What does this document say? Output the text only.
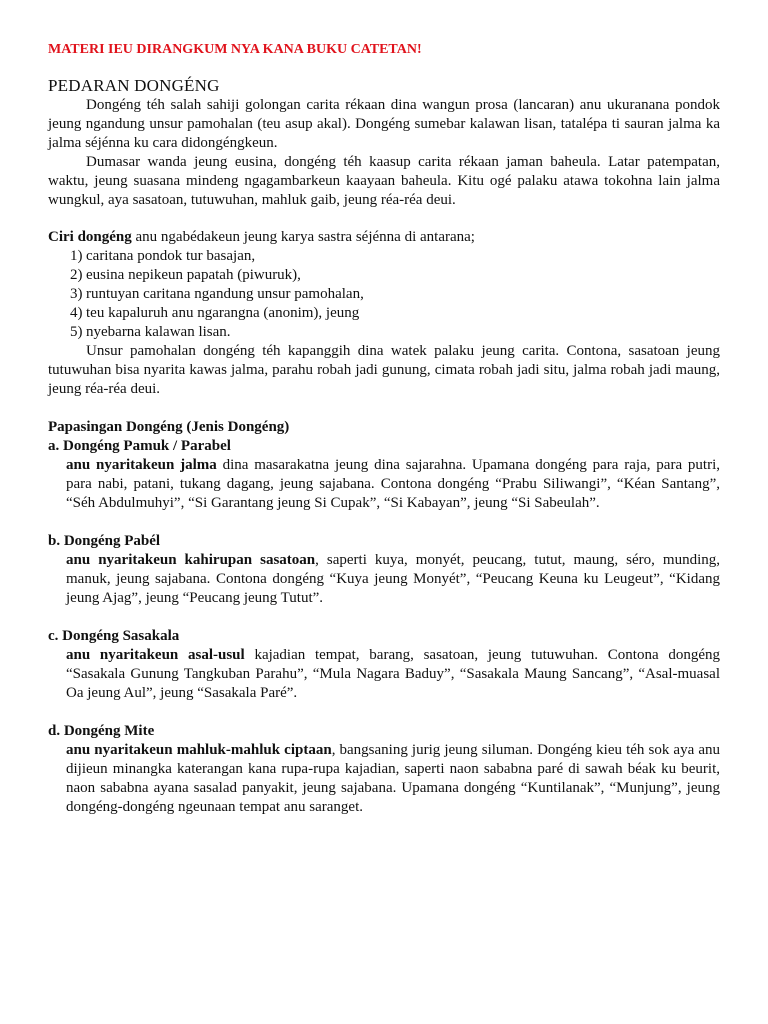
MATERI IEU DIRANGKUM NYA KANA BUKU CATETAN!

PEDARAN DONGÉNG

Dongéng téh salah sahiji golongan carita rékaan dina wangun prosa (lancaran) anu ukuranana pondok jeung ngandung unsur pamohalan (teu asup akal). Dongéng sumebar kalawan lisan, tatalépa ti sauran jalma ka jalma séjénna ku cara didongéngkeun.

Dumasar wanda jeung eusina, dongéng téh kaasup carita rékaan jaman baheula. Latar patempatan, waktu, jeung suasana mindeng ngagambarkeun kaayaan baheula. Kitu ogé palaku atawa tokohna lain jalma wungkul, aya sasatoan, tutuwuhan, mahluk gaib, jeung réa-réa deui.

Ciri dongéng anu ngabédakeun jeung karya sastra séjénna di antarana;

1) caritana pondok tur basajan,
2) eusina nepikeun papatah (piwuruk),
3) runtuyan caritana ngandung unsur pamohalan,
4) teu kapaluruh anu ngarangna (anonim), jeung
5) nyebarna kalawan lisan.

Unsur pamohalan dongéng téh kapanggih dina watek palaku jeung carita. Contona, sasatoan jeung tutuwuhan bisa nyarita kawas jalma, parahu robah jadi gunung, cimata robah jadi situ, jalma robah jadi maung, jeung réa-réa deui.

Papasingan Dongéng (Jenis Dongéng)

a. Dongéng Pamuk / Parabel

anu nyaritakeun jalma dina masarakatna jeung dina sajarahna. Upamana dongéng para raja, para putri, para nabi, patani, tukang dagang, jeung sajabana. Contona dongéng “Prabu Siliwangi”, “Kéan Santang”, “Séh Abdulmuhyi”, “Si Garantang jeung Si Cupak”, “Si Kabayan”, jeung “Si Sabeulah”.

b. Dongéng Pabél

anu nyaritakeun kahirupan sasatoan, saperti kuya, monyét, peucang, tutut, maung, séro, munding, manuk, jeung sajabana. Contona dongéng “Kuya jeung Monyét”, “Peucang Keuna ku Leugeut”, “Kidang jeung Ajag”, jeung “Peucang jeung Tutut”.

c. Dongéng Sasakala

anu nyaritakeun asal-usul kajadian tempat, barang, sasatoan, jeung tutuwuhan. Contona dongéng “Sasakala Gunung Tangkuban Parahu”, “Mula Nagara Baduy”, “Sasakala Maung Sancang”, “Asal-muasal Oa jeung Aul”, jeung “Sasakala Paré”.

d. Dongéng Mite

anu nyaritakeun mahluk-mahluk ciptaan, bangsaning jurig jeung siluman. Dongéng kieu téh sok aya anu dijieun minangka katerangan kana rupa-rupa kajadian, saperti naon sababna paré di sawah béak ku beurit, naon sababna ayana sasalad panyakit, jeung sajabana. Upamana dongéng “Kuntilanak”, “Munjung”, jeung dongéng-dongéng ngeunaan tempat anu saranget.
